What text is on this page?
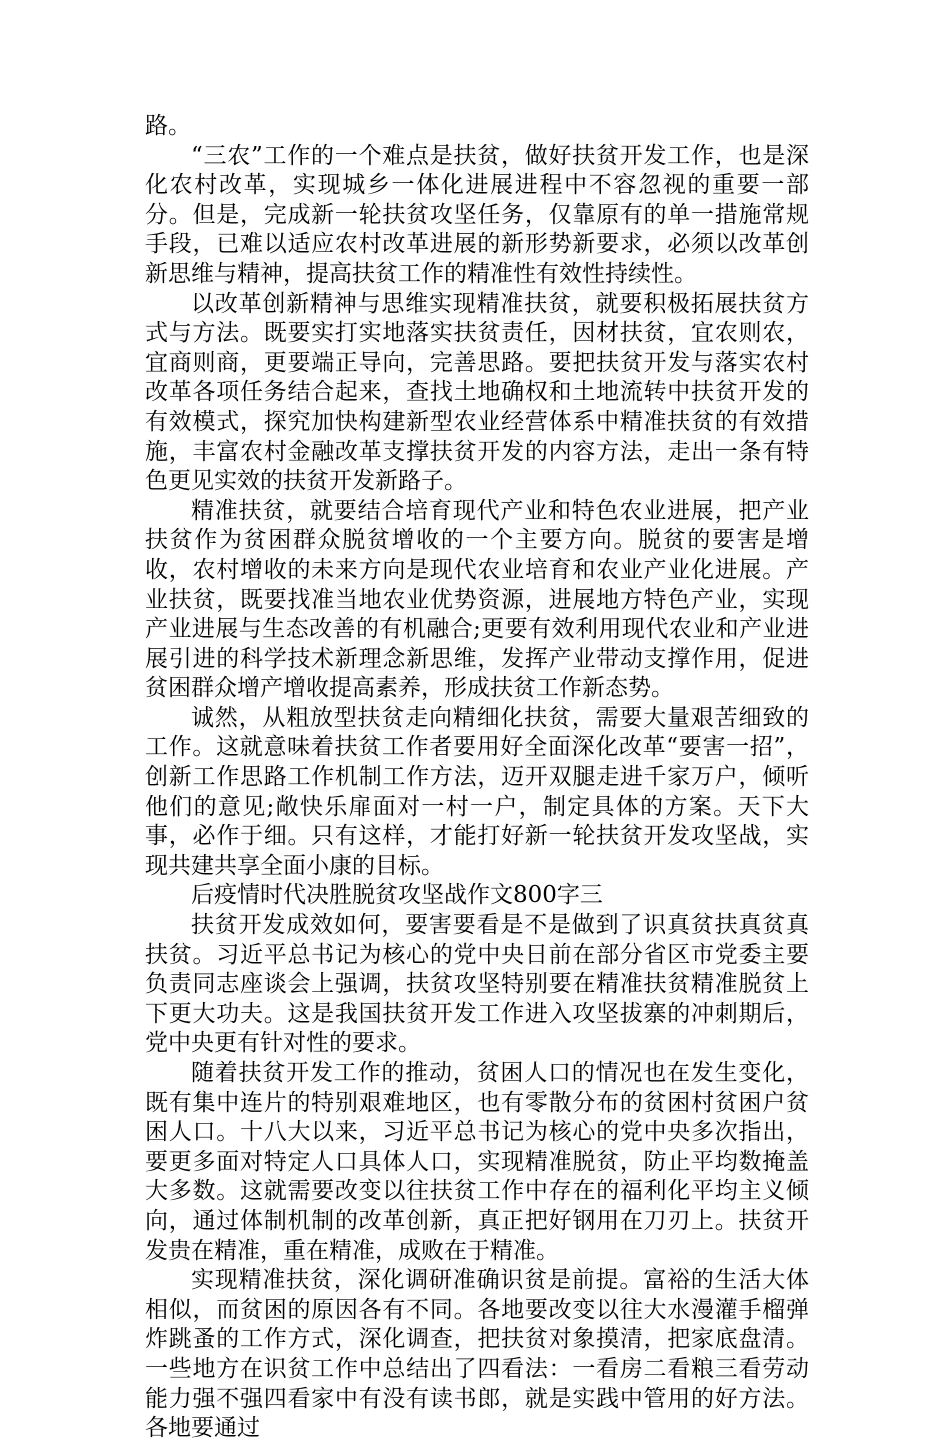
路。

“三农”工作的一个难点是扶贫，做好扶贫开发工作，也是深化农村改革，实现城乡一体化进展进程中不容忽视的重要一部分。但是，完成新一轮扶贫攻坚任务，仅靠原有的单一措施常规手段，已难以适应农村改革进展的新形势新要求，必须以改革创新思维与精神，提高扶贫工作的精准性有效性持续性。

以改革创新精神与思维实现精准扶贫，就要积极拓展扶贫方式与方法。既要实打实地落实扶贫责任，因材扶贫，宜农则农，宜商则商，更要端正导向，完善思路。要把扶贫开发与落实农村改革各项任务结合起来，查找土地确权和土地流转中扶贫开发的有效模式，探究加快构建新型农业经营体系中精准扶贫的有效措施，丰富农村金融改革支撑扶贫开发的内容方法，走出一条有特色更见实效的扶贫开发新路子。

精准扶贫，就要结合培育现代产业和特色农业进展，把产业扶贫作为贫困群众脱贫增收的一个主要方向。脱贫的要害是增收，农村增收的未来方向是现代农业培育和农业产业化进展。产业扶贫，既要找准当地农业优势资源，进展地方特色产业，实现产业进展与生态改善的有机融合;更要有效利用现代农业和产业进展引进的科学技术新理念新思维，发挥产业带动支撑作用，促进贫困群众增产增收提高素养，形成扶贫工作新态势。

诚然，从粗放型扶贫走向精细化扶贫，需要大量艰苦细致的工作。这就意味着扶贫工作者要用好全面深化改革“要害一招”，创新工作思路工作机制工作方法，迈开双腿走进千家万户，倾听他们的意见;敞快乐扉面对一村一户，制定具体的方案。天下大事，必作于细。只有这样，才能打好新一轮扶贫开发攻坚战，实现共建共享全面小康的目标。

后疫情时代决胜脱贫攻坚战作文800字三

扶贫开发成效如何，要害要看是不是做到了识真贫扶真贫真扶贫。习近平总书记为核心的党中央日前在部分省区市党委主要负责同志座谈会上强调，扶贫攻坚特别要在精准扶贫精准脱贫上下更大功夫。这是我国扶贫开发工作进入攻坚拔寨的冲刺期后，党中央更有针对性的要求。

随着扶贫开发工作的推动，贫困人口的情况也在发生变化，既有集中连片的特别艰难地区，也有零散分布的贫困村贫困户贫困人口。十八大以来，习近平总书记为核心的党中央多次指出，要更多面对特定人口具体人口，实现精准脱贫，防止平均数掩盖大多数。这就需要改变以往扶贫工作中存在的福利化平均主义倾向，通过体制机制的改革创新，真正把好钢用在刀刃上。扶贫开发贵在精准，重在精准，成败在于精准。

实现精准扶贫，深化调研准确识贫是前提。富裕的生活大体相似，而贫困的原因各有不同。各地要改变以往大水漫灌手榴弹炸跳蚤的工作方式，深化调查，把扶贫对象摸清，把家底盘清。一些地方在识贫工作中总结出了四看法：一看房二看粮三看劳动能力强不强四看家中有没有读书郎，就是实践中管用的好方法。各地要通过
